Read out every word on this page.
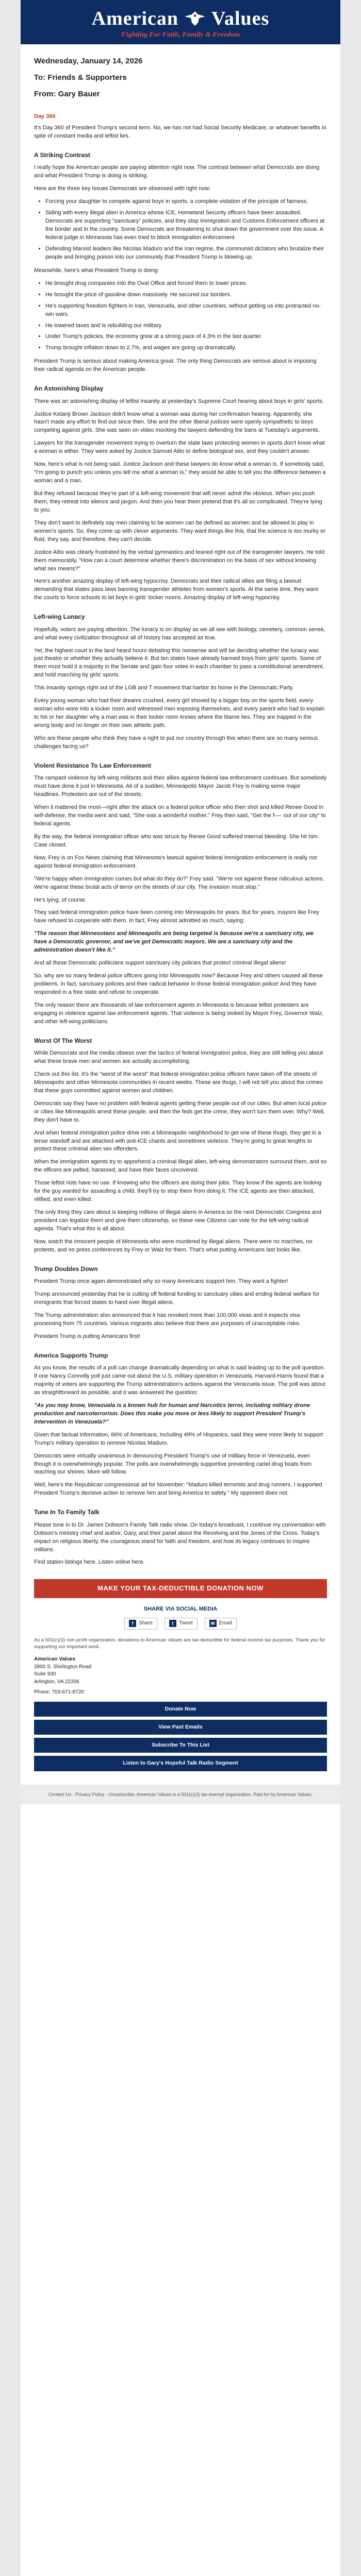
American Values
Fighting For Faith, Family & Freedom
Wednesday, January 14, 2026
To: Friends & Supporters
From: Gary Bauer
Day 360

It's Day 360 of President Trump's second term. No, we has not had Social Security Medicare, or whatever benefits in spite of constant media and leftist lies.

A Striking Contrast

I really hope the American people are paying attention right now. The contrast between what Democrats are doing and what President Trump is doing is striking.

Here are the three key issues Democrats are obsessed with right now:

• Forcing your daughter to compete against boys in sports, a complete violation of the principle of fairness.
• Siding with every illegal alien in America whose ICE, Homeland Security officers have been assaulted. Democrats are supporting "sanctuary" policies, and they stop Immigration and Customs Enforcement officers at the border and in the country. Some Democrats are threatening to shut down the government over this issue. A federal judge in Minnesota has even tried to block immigration enforcement.
• Defending Marxist leaders like Nicolas Maduro and the Iran regime, the communist dictators who brutalize their people and bringing poison into our community that President Trump is blowing up.

Meanwhile, here's what President Trump is doing:

• He brought drug companies into the Oval Office and forced them to lower prices.
• He brought the price of gasoline down massively. He secured our borders.
• He's supporting freedom fighters in Iran, Venezuela, and other countries, without getting us into protracted no-win wars.
• He lowered taxes and is rebuilding our military.
• Under Trump's policies, the economy grew at a strong pace of 4.3% in the last quarter.
• Trump brought inflation down to 2.7%, and wages are going up dramatically.

President Trump is serious about making America great. The only thing Democrats are serious about is imposing their radical agenda on the American people.

An Astonishing Display

There was an astonishing display of leftist insanity at yesterday's Supreme Court hearing about boys in girls' sports.

Justice Ketanji Brown Jackson didn't know what a woman was during her confirmation hearing. Apparently, she hasn't made any effort to find out since then. She and the other liberal justices were openly sympathetic to boys competing against girls. She was seen on video mocking the lawyers defending the bans at Tuesday's arguments.

Lawyers for the transgender movement trying to overturn the state laws protecting women in sports don't know what a woman is either. They were asked by Justice Samuel Alito to define biological sex, and they couldn't answer.

Now, here's what is not being said. Justice Jackson and these lawyers do know what a woman is. If somebody said, "I'm going to punch you unless you tell me what a woman is," they would be able to tell you the difference between a woman and a man.

But they refused because they're part of a left-wing movement that will never admit the obvious. When you push them, they retreat into silence and jargon. And then you hear them pretend that it's all so complicated. They're lying to you.

They don't want to definitely say men claiming to be women can be defined as women and be allowed to play in women's sports. So, they come up with clever arguments. They want things like this, that the science is too murky or fluid, they say, and therefore, they can't decide.

Justice Alito was clearly frustrated by the verbal gymnastics and leaned right out of the transgender lawyers. He told them memorably, "How can a court determine whether there's discrimination on the basis of sex without knowing what sex means?"

Here's another amazing display of left-wing hypocrisy. Democrats and their radical allies are filing a lawsuit demanding that states pass laws banning transgender athletes from women's sports. At the same time, they want the courts to force schools to let boys in girls' locker rooms. Amazing display of left-wing hypocrisy.

Left-wing Lunacy

Hopefully, voters are paying attention. The lunacy is on display as we all see with biology, cemetery, common sense, and what every civilization throughout all of history has accepted as true.

Yet, the highest court in the land heard hours debating this nonsense and will be deciding whether the lunacy was just theatre or whether they actually believe it. But ten states have already banned boys from girls' sports. Some of them must hold it a majority in the Senate and gain four votes in each chamber to pass a constitutional amendment, and hold marching by girls' sports.

This insanity springs right out of the LGB and T movement that harbor its home in the Democratic Party.

Every young woman who had their dreams crushed, every girl shoved by a bigger boy on the sports field, every woman who wore into a locker room and witnessed men exposing themselves, and every parent who had to explain to his or her daughter why a man was in their locker room knows where the blame lies. They are trapped in the wrong body and no longer on their own athletic path.

Who are these people who think they have a right to put our country through this when there are so many serious challenges facing us?

Violent Resistance To Law Enforcement

The rampant violence by left-wing militants and their allies against federal law enforcement continues. But somebody must have done it just in Minnesota. All of a sudden, Minneapolis Mayor Jacob Frey is making some major headlines. Protesters are out of the streets.

When it mattered the most—right after the attack on a federal police officer who then shot and killed Renee Good in self-defense, the media went and said, "She was a wonderful mother." Frey then said, "Get the f—- out of our city" to federal agents.

By the way, the federal immigration officer who was struck by Renee Good suffered internal bleeding. She hit him. Case closed.

Now, Frey is on Fox News claiming that Minnesota's lawsuit against federal immigration enforcement is really not against federal immigration enforcement.

"We're happy when immigration comes but what do they do?" Frey said. "We're not against these ridiculous actions. We're against these brutal acts of terror on the streets of our city. The invasion must stop."

He's lying, of course.

They said federal immigration police have been coming into Minneapolis for years. But for years, mayors like Frey have refused to cooperate with them. In fact, Frey almost admitted as much, saying:

"The reason that Minnesotans and Minneapolis are being targeted is because we're a sanctuary city, we have a Democratic governor, and we've got Democratic mayors. We are a sanctuary city and the administration doesn't like it."

And all these Democratic politicians support sanctuary city policies that protect criminal illegal aliens!

So, why are so many federal police officers going into Minneapolis now? Because Frey and others caused all these problems. In fact, sanctuary policies and their radical behavior in those federal immigration police! And they have responded in a free state and refuse to cooperate.

The only reason there are thousands of law enforcement agents in Minnesota is because leftist protesters are engaging in violence against law enforcement agents. That violence is being stoked by Mayor Frey, Governor Walz, and other left-wing politicians.

Worst Of The Worst

While Democrats and the media obsess over the tactics of federal immigration police, they are still telling you about what these brave men and women are actually accomplishing.

Check out this list. It's the "worst of the worst" that federal immigration police officers have taken off the streets of Minneapolis and other Minnesota communities in recent weeks. These are thugs. I will not tell you about the crimes that these guys committed against women and children.

Democrats say they have no problem with federal agents getting these people out of our cities. But when local police or cities like Minneapolis arrest these people, and then the feds get the crime, they won't turn them over. Why? Well, they don't have to.

And when federal immigration police drive into a Minneapolis neighborhood to get one of these thugs, they get in a tense standoff and are attacked with anti-ICE chants and sometimes violence. They're going to great lengths to protect these criminal alien sex offenders.

When the immigration agents try to apprehend a criminal illegal alien, left-wing demonstrators surround them, and so the officers are pelted, harassed, and have their faces uncovered.

Those leftist riots have no use. If knowing who the officers are doing their jobs. They know if the agents are looking for the guy wanted for assaulting a child, they'll try to stop them from doing it. The ICE agents are then attacked, vilified, and even killed.

The only thing they care about is keeping millions of illegal aliens in America so the next Democratic Congress and president can legalize them and give them citizenship, so these new Citizens can vote for the left-wing radical agenda. That's what this is all about.

Now, watch the innocent people of Minnesota who were murdered by illegal aliens. There were no marches, no protests, and no press conferences by Frey or Walz for them. That's what putting Americans last looks like.

Trump Doubles Down

President Trump once again demonstrated why so many Americans support him. They want a fighter!

Trump announced yesterday that he is cutting off federal funding to sanctuary cities and ending federal welfare for immigrants that forced states to hand over illegal aliens.

The Trump administration also announced that it has revoked more than 100,000 visas and it expects visa processing from 75 countries. Various migrants also believe that there are purposes of unacceptable risks.

President Trump is putting Americans first!

America Supports Trump

As you know, the results of a poll can change dramatically depending on what is said leading up to the poll question. If one Nancy Connolly poll just came out about the U.S. military operation in Venezuela, Harvard-Harris found that a majority of voters are supporting the Trump administration's actions against the Venezuela issue. The poll was about as straightforward as possible, and it was answered the question:

"As you may know, Venezuela is a known hub for human and Narcotics terror, including military drone production and narcoterrorism. Does this make you more or less likely to support President Trump's intervention in Venezuela?"

Given that factual information, 66% of Americans, including 49% of Hispanics, said they were more likely to support Trump's military operation to remove Nicolas Maduro.

Democrats were virtually unanimous in denouncing President Trump's use of military force in Venezuela, even though it is overwhelmingly popular. The polls are overwhelmingly supportive preventing cartel drug boats from reaching our shores. More will follow.

Well, here's the Republican congressional ad for November: "Maduro killed terrorists and drug runners. I supported President Trump's decisive action to remove him and bring America to safety." My opponent does not.

Tune In To Family Talk

Please tune in to Dr. James Dobson's Family Talk radio show. On today's broadcast, I continue my conversation with Dobson's ministry chief and author, Gary, and their panel about the Revolving and the Jones of the Cross. Today's impact on religious liberty, the courageous stand for faith and freedom, and how its legacy continues to inspire millions.

Find station listings here. Listen online here.

MAKE YOUR TAX-DEDUCTIBLE DONATION NOW
SHARE VIA SOCIAL MEDIA
f	Share	t	Tweet	✉ Email

As a 501(c)(3) non-profit organization, donations to American Values are tax-deductible for federal income tax purposes. Thank you for supporting our important work.

American Values
2800 S. Shirlington Road
Suite 930
Arlington, VA 22206
Phone: 703-671-8720
Donate Now
View Past Emails
Subscribe To This List
Listen to Gary's Hopeful Talk Radio Segment
Contact Us · Privacy Policy · Unsubscribe. American Values is a 501(c)(3) tax-exempt organization. Paid for by American Values.
